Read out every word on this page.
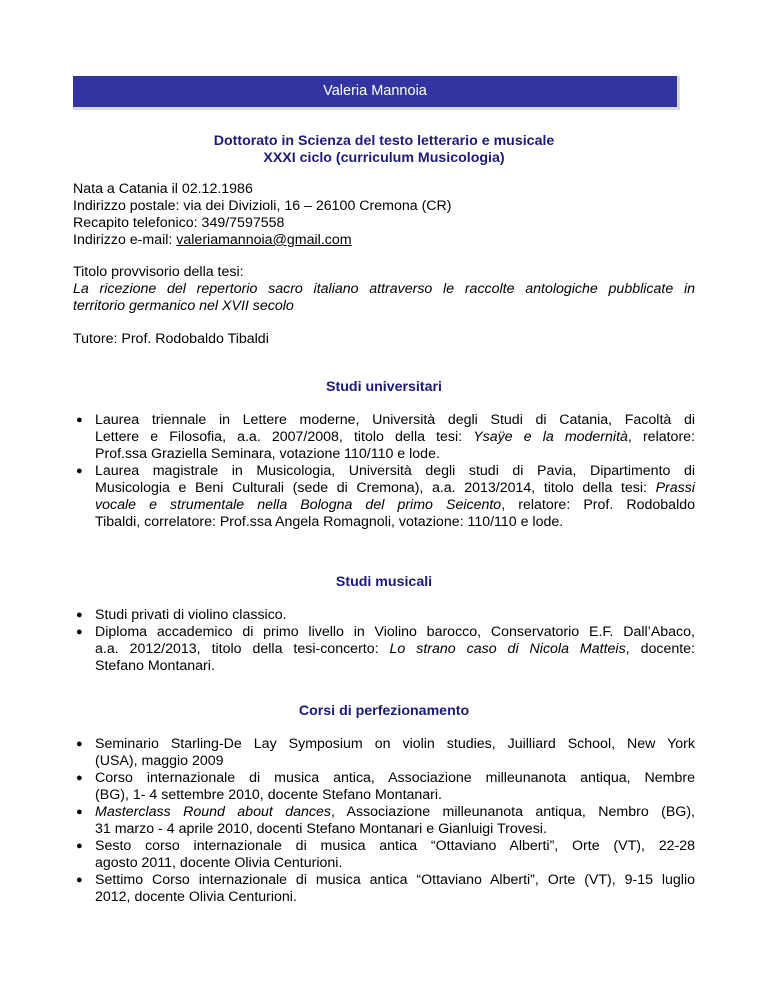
Valeria Mannoia
Dottorato in Scienza del testo letterario e musicale
XXXI ciclo (curriculum Musicologia)
Nata a Catania il 02.12.1986
Indirizzo postale: via dei Divizioli, 16 – 26100 Cremona (CR)
Recapito telefonico: 349/7597558
Indirizzo e-mail: valeriamannoia@gmail.com
Titolo provvisorio della tesi:
La ricezione del repertorio sacro italiano attraverso le raccolte antologiche pubblicate in
territorio germanico nel XVII secolo
Tutore: Prof. Rodobaldo Tibaldi
Studi universitari
● Laurea triennale in Lettere moderne, Università degli Studi di Catania, Facoltà di
Lettere e Filosofia, a.a. 2007/2008, titolo della tesi: Ysaÿe e la modernità, relatore:
Prof.ssa Graziella Seminara, votazione 110/110 e lode.
● Laurea magistrale in Musicologia, Università degli studi di Pavia, Dipartimento di
Musicologia e Beni Culturali (sede di Cremona), a.a. 2013/2014, titolo della tesi: Prassi
vocale e strumentale nella Bologna del primo Seicento, relatore: Prof. Rodobaldo
Tibaldi, correlatore: Prof.ssa Angela Romagnoli, votazione: 110/110 e lode.
Studi musicali
● Studi privati di violino classico.
● Diploma accademico di primo livello in Violino barocco, Conservatorio E.F. Dall’Abaco,
a.a. 2012/2013, titolo della tesi-concerto: Lo strano caso di Nicola Matteis, docente:
Stefano Montanari.
Corsi di perfezionamento
● Seminario Starling-De Lay Symposium on violin studies, Juilliard School, New York
(USA), maggio 2009
● Corso internazionale di musica antica, Associazione milleunanota antiqua, Nembre
(BG), 1- 4 settembre 2010, docente Stefano Montanari.
● Masterclass Round about dances, Associazione milleunanota antiqua, Nembro (BG),
31 marzo - 4 aprile 2010, docenti Stefano Montanari e Gianluigi Trovesi.
● Sesto corso internazionale di musica antica “Ottaviano Alberti”, Orte (VT), 22-28
agosto 2011, docente Olivia Centurioni.
● Settimo Corso internazionale di musica antica “Ottaviano Alberti”, Orte (VT), 9-15 luglio
2012, docente Olivia Centurioni.
